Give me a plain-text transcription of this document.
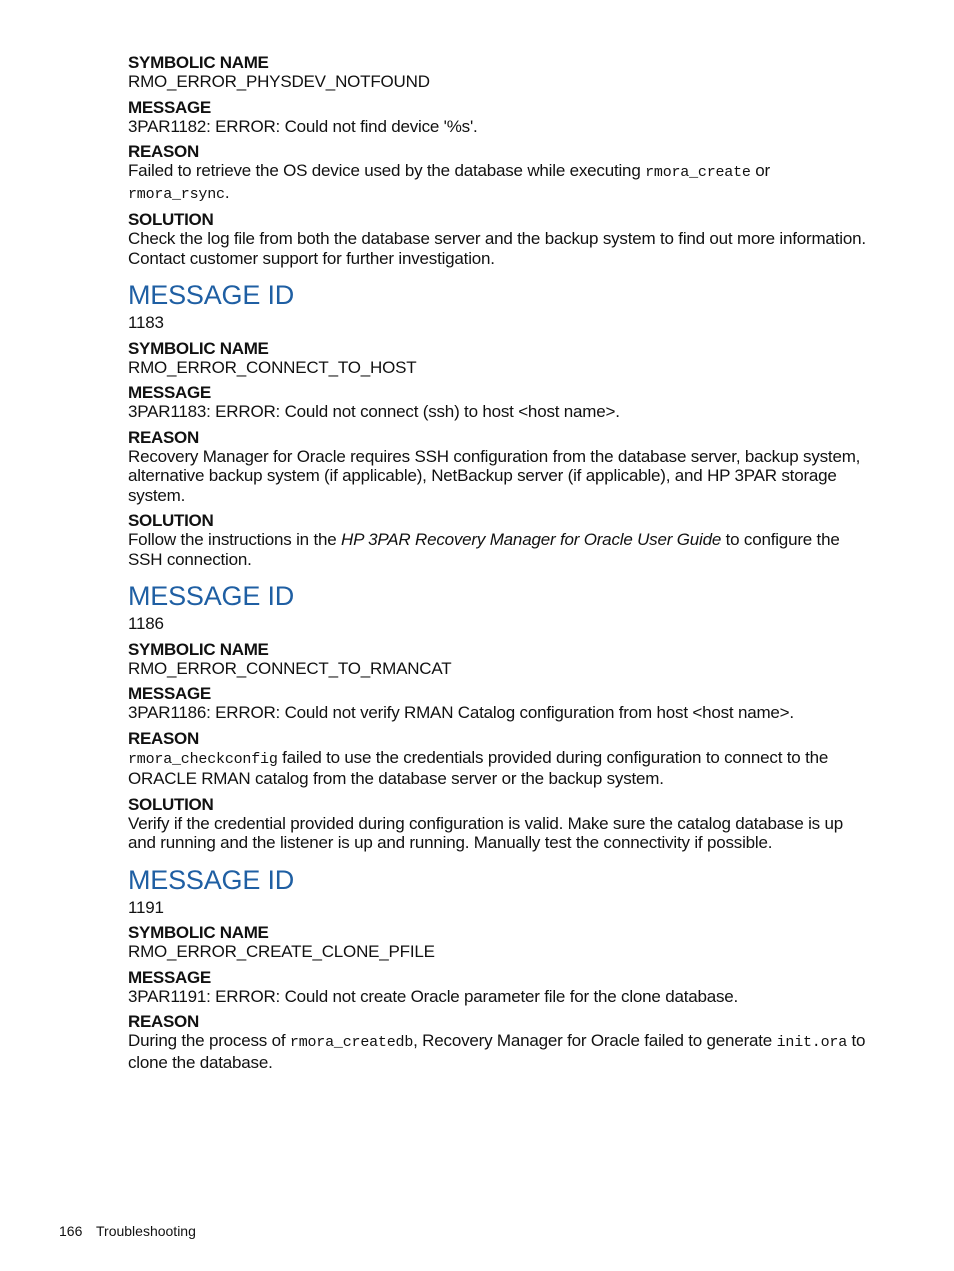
SYMBOLIC NAME

RMO_ERROR_PHYSDEV_NOTFOUND

MESSAGE

3PAR1182: ERROR: Could not find device '%s'.

REASON

Failed to retrieve the OS device used by the database while executing rmora_create or rmora_rsync.

SOLUTION

Check the log file from both the database server and the backup system to find out more information. Contact customer support for further investigation.

MESSAGE ID

1183

SYMBOLIC NAME

RMO_ERROR_CONNECT_TO_HOST

MESSAGE

3PAR1183: ERROR: Could not connect (ssh) to host <host name>.

REASON

Recovery Manager for Oracle requires SSH configuration from the database server, backup system, alternative backup system (if applicable), NetBackup server (if applicable), and HP 3PAR storage system.

SOLUTION

Follow the instructions in the HP 3PAR Recovery Manager for Oracle User Guide to configure the SSH connection.

MESSAGE ID

1186

SYMBOLIC NAME

RMO_ERROR_CONNECT_TO_RMANCAT

MESSAGE

3PAR1186: ERROR: Could not verify RMAN Catalog configuration from host <host name>.

REASON

rmora_checkconfig failed to use the credentials provided during configuration to connect to the ORACLE RMAN catalog from the database server or the backup system.

SOLUTION

Verify if the credential provided during configuration is valid. Make sure the catalog database is up and running and the listener is up and running. Manually test the connectivity if possible.

MESSAGE ID

1191

SYMBOLIC NAME

RMO_ERROR_CREATE_CLONE_PFILE

MESSAGE

3PAR1191: ERROR: Could not create Oracle parameter file for the clone database.

REASON

During the process of rmora_createdb, Recovery Manager for Oracle failed to generate init.ora to clone the database.

166 Troubleshooting
